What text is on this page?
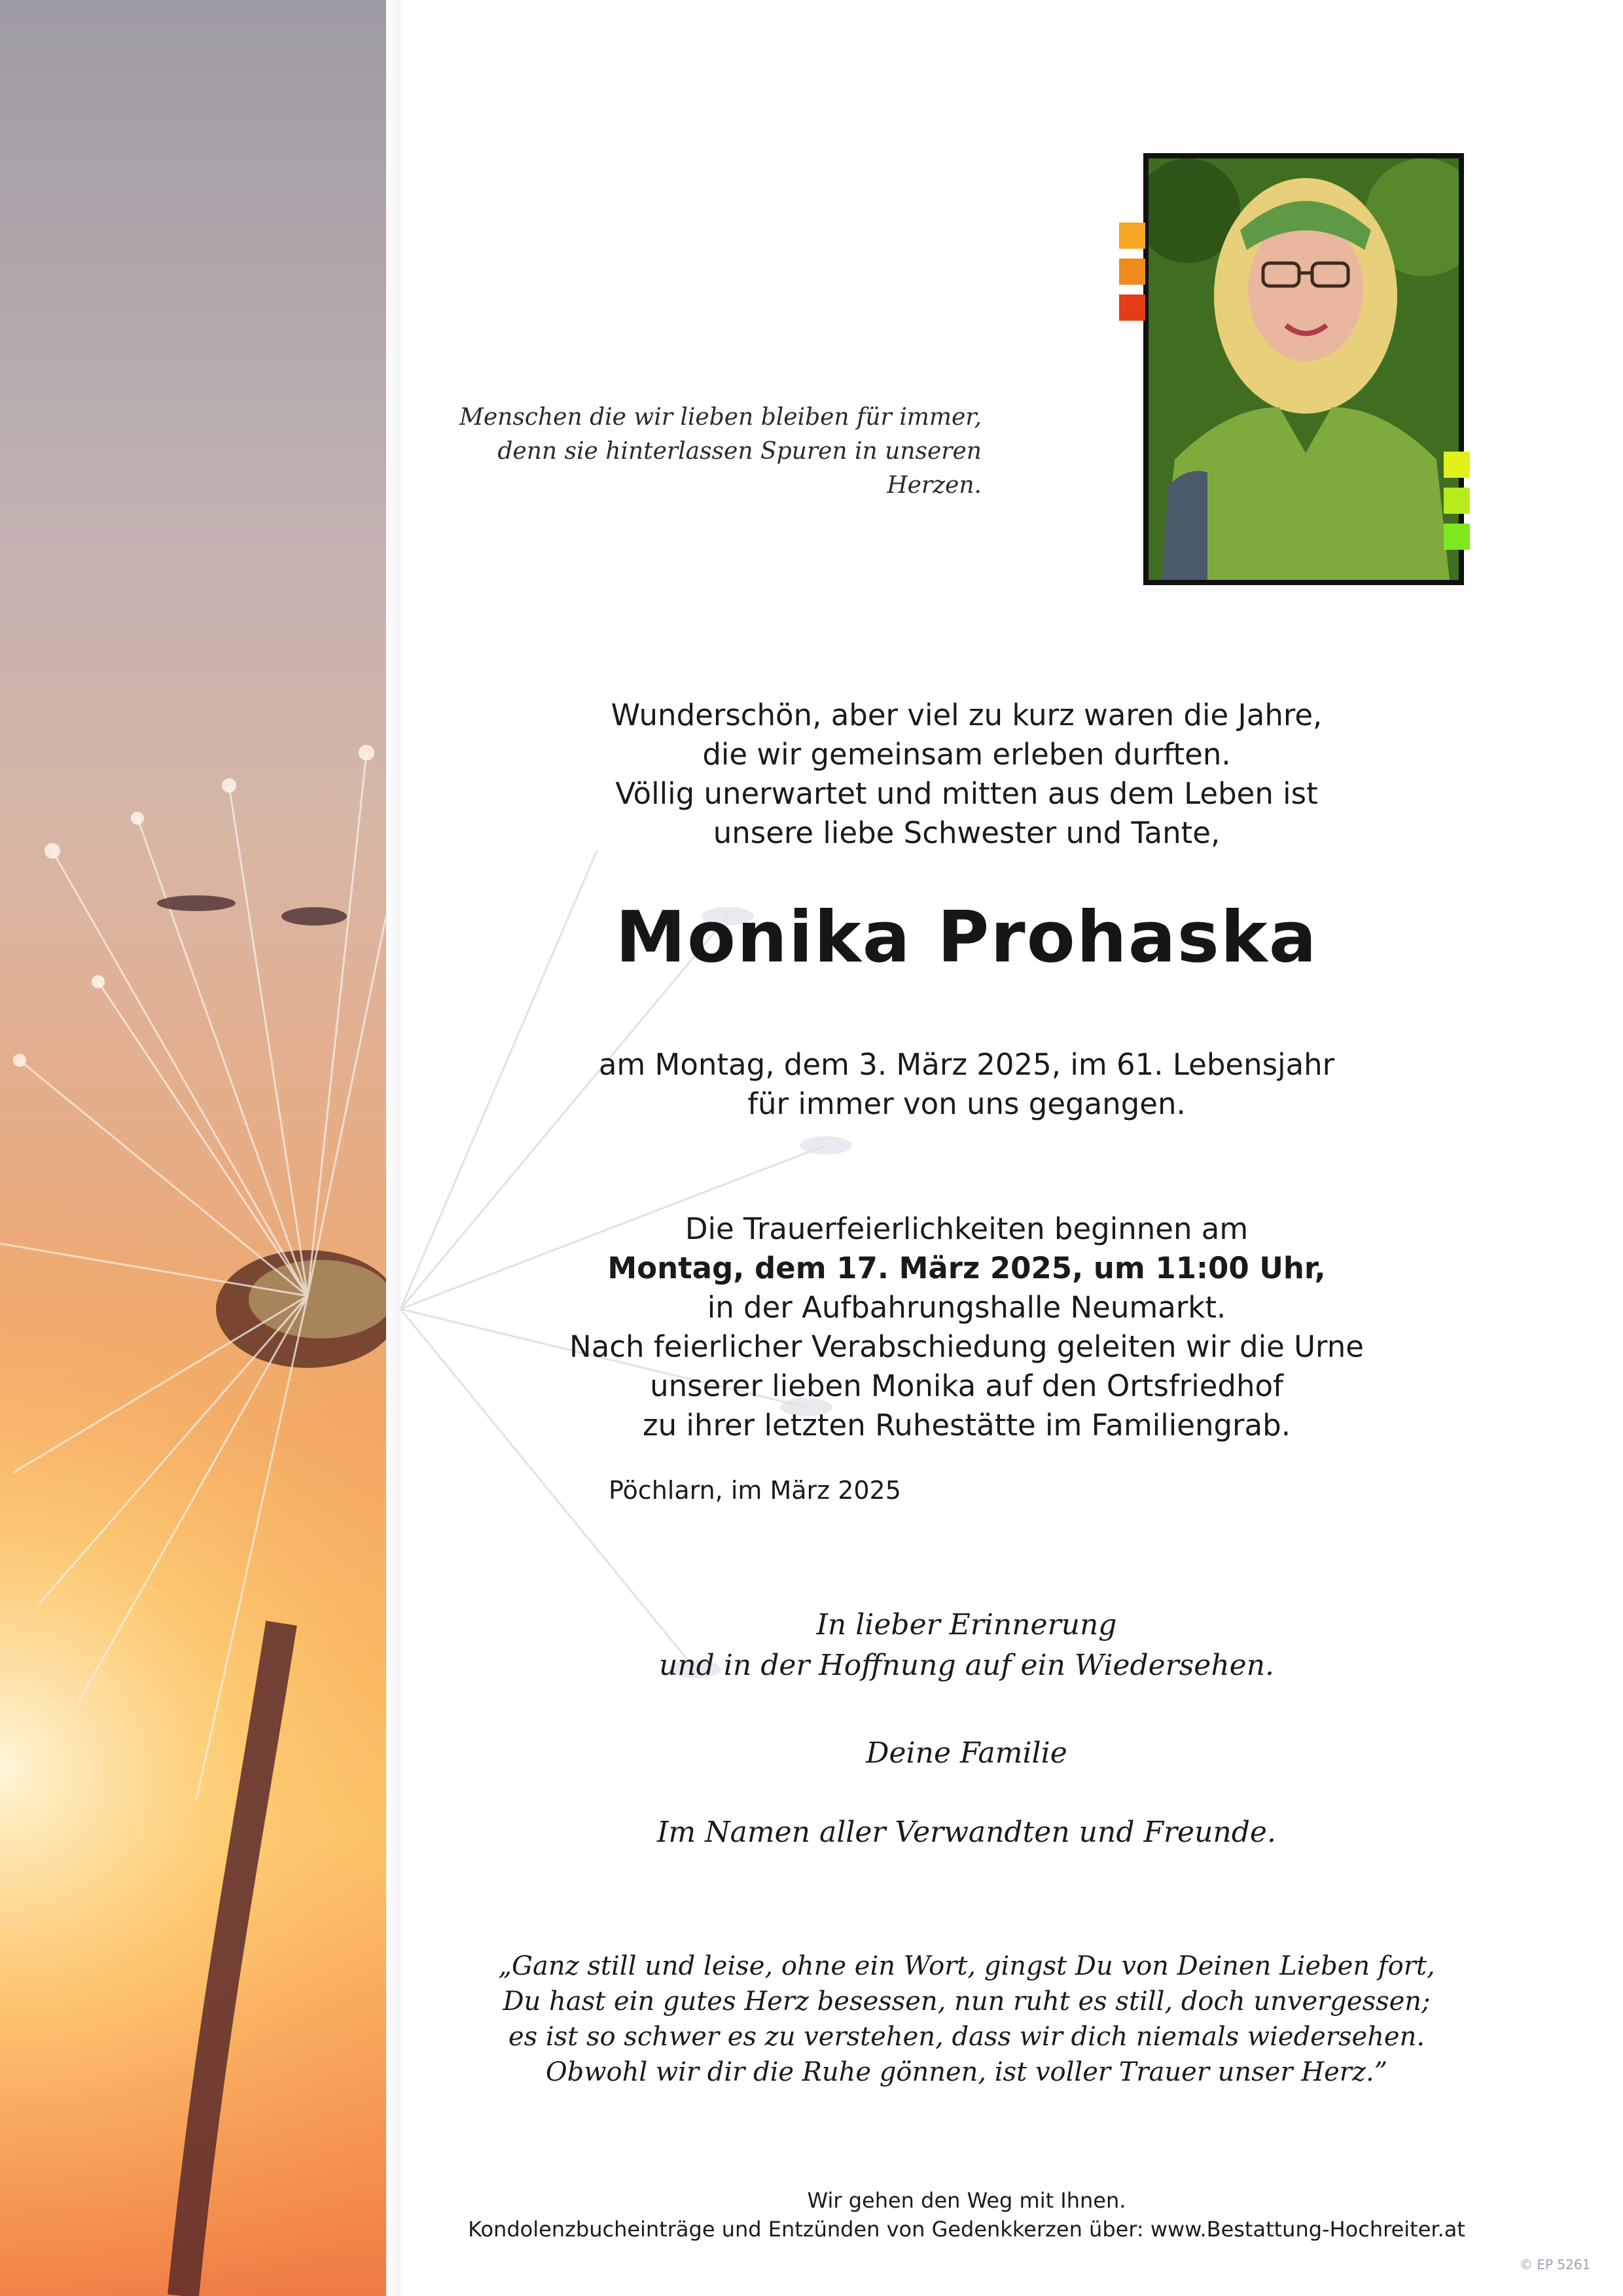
Menschen die wir lieben bleiben für immer,
denn sie hinterlassen Spuren in unseren Herzen.
Wunderschön, aber viel zu kurz waren die Jahre,
die wir gemeinsam erleben durften.
Völlig unerwartet und mitten aus dem Leben ist
unsere liebe Schwester und Tante,
Monika Prohaska
am Montag, dem 3. März 2025, im 61. Lebensjahr
für immer von uns gegangen.
Die Trauerfeierlichkeiten beginnen am
Montag, dem 17. März 2025, um 11:00 Uhr,
in der Aufbahrungshalle Neumarkt.
Nach feierlicher Verabschiedung geleiten wir die Urne
unserer lieben Monika auf den Ortsfriedhof
zu ihrer letzten Ruhestätte im Familiengrab.
Pöchlarn, im März 2025
In lieber Erinnerung
und in der Hoffnung auf ein Wiedersehen.
Deine Familie
Im Namen aller Verwandten und Freunde.
„Ganz still und leise, ohne ein Wort, gingst Du von Deinen Lieben fort,
Du hast ein gutes Herz besessen, nun ruht es still, doch unvergessen;
es ist so schwer es zu verstehen, dass wir dich niemals wiedersehen.
Obwohl wir dir die Ruhe gönnen, ist voller Trauer unser Herz.”
Wir gehen den Weg mit Ihnen.
Kondolenzbucheinträge und Entzünden von Gedenkkerzen über: www.Bestattung-Hochreiter.at
© EP 5261
